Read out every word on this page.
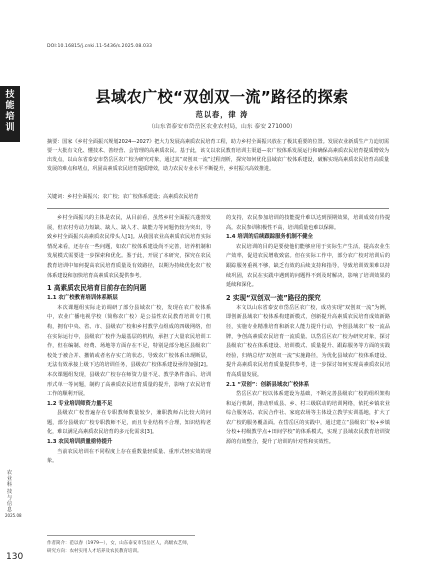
DOI:10.16815/j.cnki.11-5436/s.2025.08.033
技
能
培
训
农
业
科
技
与
信
息
2025.08
130
县域农广校“双创双一流”路径的探索
范以春，律 涛
（山东省泰安市岱岳区农业农村局，山东 泰安 271000）
摘要：国家《乡村全面振兴规划2024—2027》把大力发展高素质农民培育工程，助力乡村全面振兴放在了极其重要的位置。发展农业新质生产力迫切需要一大批有文化、懂技术、善经营、会管理的高素质农民。基于此，该文以农民教育培训主渠道—农广校体系发展运行和确保高素质农民培育提质增效为出发点，以山东省泰安市岱岳区农广校为研究对象，通过其“双创双一流”过程剖析，探究如何优化县域农广校体系建设，破解实现高素质农民培育高质量发展的难点和堵点，巩固高素质农民培育提质增效，助力农民专业水平不断提升，乡村振兴高效推进。
关键词：乡村全面振兴；农广校；农广校体系建设；高素质农民培育

乡村全面振兴的主体是农民，从目前看，虽然乡村全面振兴蓬勃发展，但农村劳动力短缺、缺人、缺人才、缺能力等问题仍较为突出，导致乡村全面振兴高素质农民带头人[1]。从我国农业高素质农民培育实际情况来看，还存在一些问题，如农广校体系建设尚不完善，培养机制和发展模式需要进一步探索和优化。鉴于此，开展了本研究，探究在农民教育培训中如何提高农民培育质量及有效路径，以期为持续优化农广校体系建设和加快培育高素质农民提供参考。

1 高素质农民培育目前存在的问题
1.1 农广校教育培训体系断层

本次课题组实际走访调研了部分县域农广校，发现在农广校体系中，农业广播电视学校（简称农广校）是公益性农民教育培训专门机构，拥有中央、省、市、县级农广校和乡村教学点组成的四级网络，但在实际运行中，县级农广校作为最基层的机构，承担了大量农民培训工作，但在编制、经费、场地等方面存在不足，特别是部分地区县级农广校处于被合并、撤销或者名存实亡的状态，导致农广校体系出现断层，无法有效承接上级下达的培训任务，县级农广校体系建设亟待加强[2]。本次课题组发现，县级农广校存在师资力量不足、教学条件落后、培训形式单一等问题，制约了高素质农民培育质量的提升，影响了农民培育工作的顺利开展。

1.2 专业培训师资力量不足

县级农广校普遍存在专职教师数量较少，兼职教师占比较大的问题，部分县级农广校专职教师不足，而且专业结构不合理，知识结构老化，难以满足高素质农民培育的多元化需求[3]。

1.3 农民培训质量亟待提升

当前农民培训在不同程度上存在重数量轻质量、重形式轻实效的现象。

的支持，农民参加培训的技能提升难以达到预期效果，培训成效有待提高。农民参训积极性不高，培训质量也难以保障。

1.4 培训的后续跟踪服务机制不健全

农民培训的目的是要使他们能够应用于实际生产生活，提高农业生产效率，促进农民增收致富。但在实际工作中，部分农广校对培训后的跟踪服务重视不够，缺乏有效的后续支持和指导，导致培训效果难以持续巩固，农民在实践中遇到的问题得不到及时解决，影响了培训效果的延续和深化。

2 实现“双创双一流”路径的探究

本文以山东省泰安市岱岳区农广校，成功实现“双创双一流”为例，即创新县域农广校体系构建新模式，创新提升高素质农民培育成效新路径，实施专业精准培育和新农人能力提升行动，争创县域农广校一流品牌，争创高素质农民培育一流质量。以岱岳区农广校为研究对象，探讨县级农广校在体系建设、培训模式、质量提升、跟踪服务等方面的实践经验，归纳总结“双创双一流”实施路径，为优化县域农广校体系建设、提升高素质农民培育质量提供参考，进一步探讨如何实现高素质农民培育高质量发展。

2.1 “双创”：创新县域农广校体系

岱岳区农广校以体系建设为基础，不断完善县级农广校的组织架构和运行机制，推动形成县、乡、村三级联动的培训网络，依托乡镇农业综合服务站、农民合作社、家庭农场等主体设立教学实训基地，扩大了农广校的服务覆盖面。在岱岳区的实践中，通过建立“县级农广校+乡镇分校+村级教学点+田间学校”的体系模式，实现了县域农民教育培训资源的有效整合，提升了培训的针对性和实效性。

作者简介：范以春（1979—），女，山东泰安市岱岳区人，高级农艺师，研究方向：农村实用人才培养及农民教育培训。
